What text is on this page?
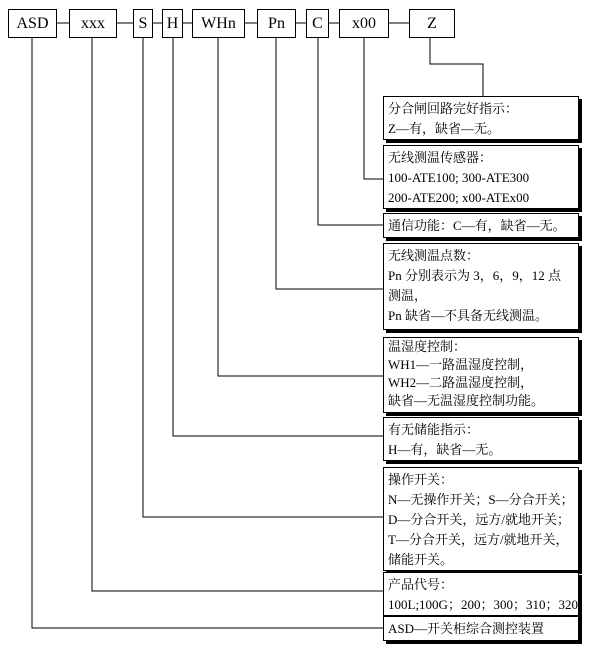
ASD	xxx	S	H	WHn	Pn	C	x00	Z
分合闸回路完好指示：
Z—有，缺省—无。
无线测温传感器：
100-ATE100; 300-ATE300
200-ATE200; x00-ATEx00
通信功能：C—有，缺省—无。
无线测温点数：
Pn 分别表示为 3，6，9，12 点
测温，
Pn 缺省—不具备无线测温。
温湿度控制：
WH1—一路温湿度控制，
WH2—二路温湿度控制，
缺省—无温湿度控制功能。
有无储能指示：
H—有，缺省—无。
操作开关：
N—无操作开关；S—分合开关；
D—分合开关，远方/就地开关；
T—分合开关，远方/就地开关，
储能开关。
产品代号：
100L;100G；200；300；310；320
ASD—开关柜综合测控装置
